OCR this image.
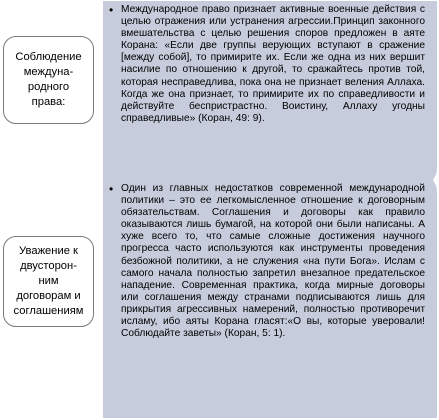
Соблюдение
междуна-
родного
права:
• Международное право признает активные военные действия с целью отражения или устранения агрессии.Принцип законного вмешательства с целью решения споров предложен в аяте Корана: «Если две группы верующих вступают в сражение [между собой], то примирите их. Если же одна из них вершит насилие по отношению к другой, то сражайтесь против той, которая несправедлива, пока она не признает веления Аллаха. Когда же она признает, то примирите их по справедливости и действуйте беспристрастно. Воистину, Аллаху угодны справедливые» (Коран, 49: 9).
Уважение к
двусторон-
ним
договорам и
соглашениям
• Один из главных недостатков современной международной политики – это ее легкомысленное отношение к договорным обязательствам. Соглашения и договоры как правило оказываются лишь бумагой, на которой они были написаны. А хуже всего то, что самые сложные достижения научного прогресса часто используются как инструменты проведения безбожной политики, а не служения «на пути Бога». Ислам с самого начала полностью запретил внезапное предательское нападение. Современная практика, когда мирные договоры или соглашения между странами подписываются лишь для прикрытия агрессивных намерений, полностью противоречит исламу, ибо аяты Корана гласят:«О вы, которые уверовали! Соблюдайте заветы» (Коран, 5: 1).
